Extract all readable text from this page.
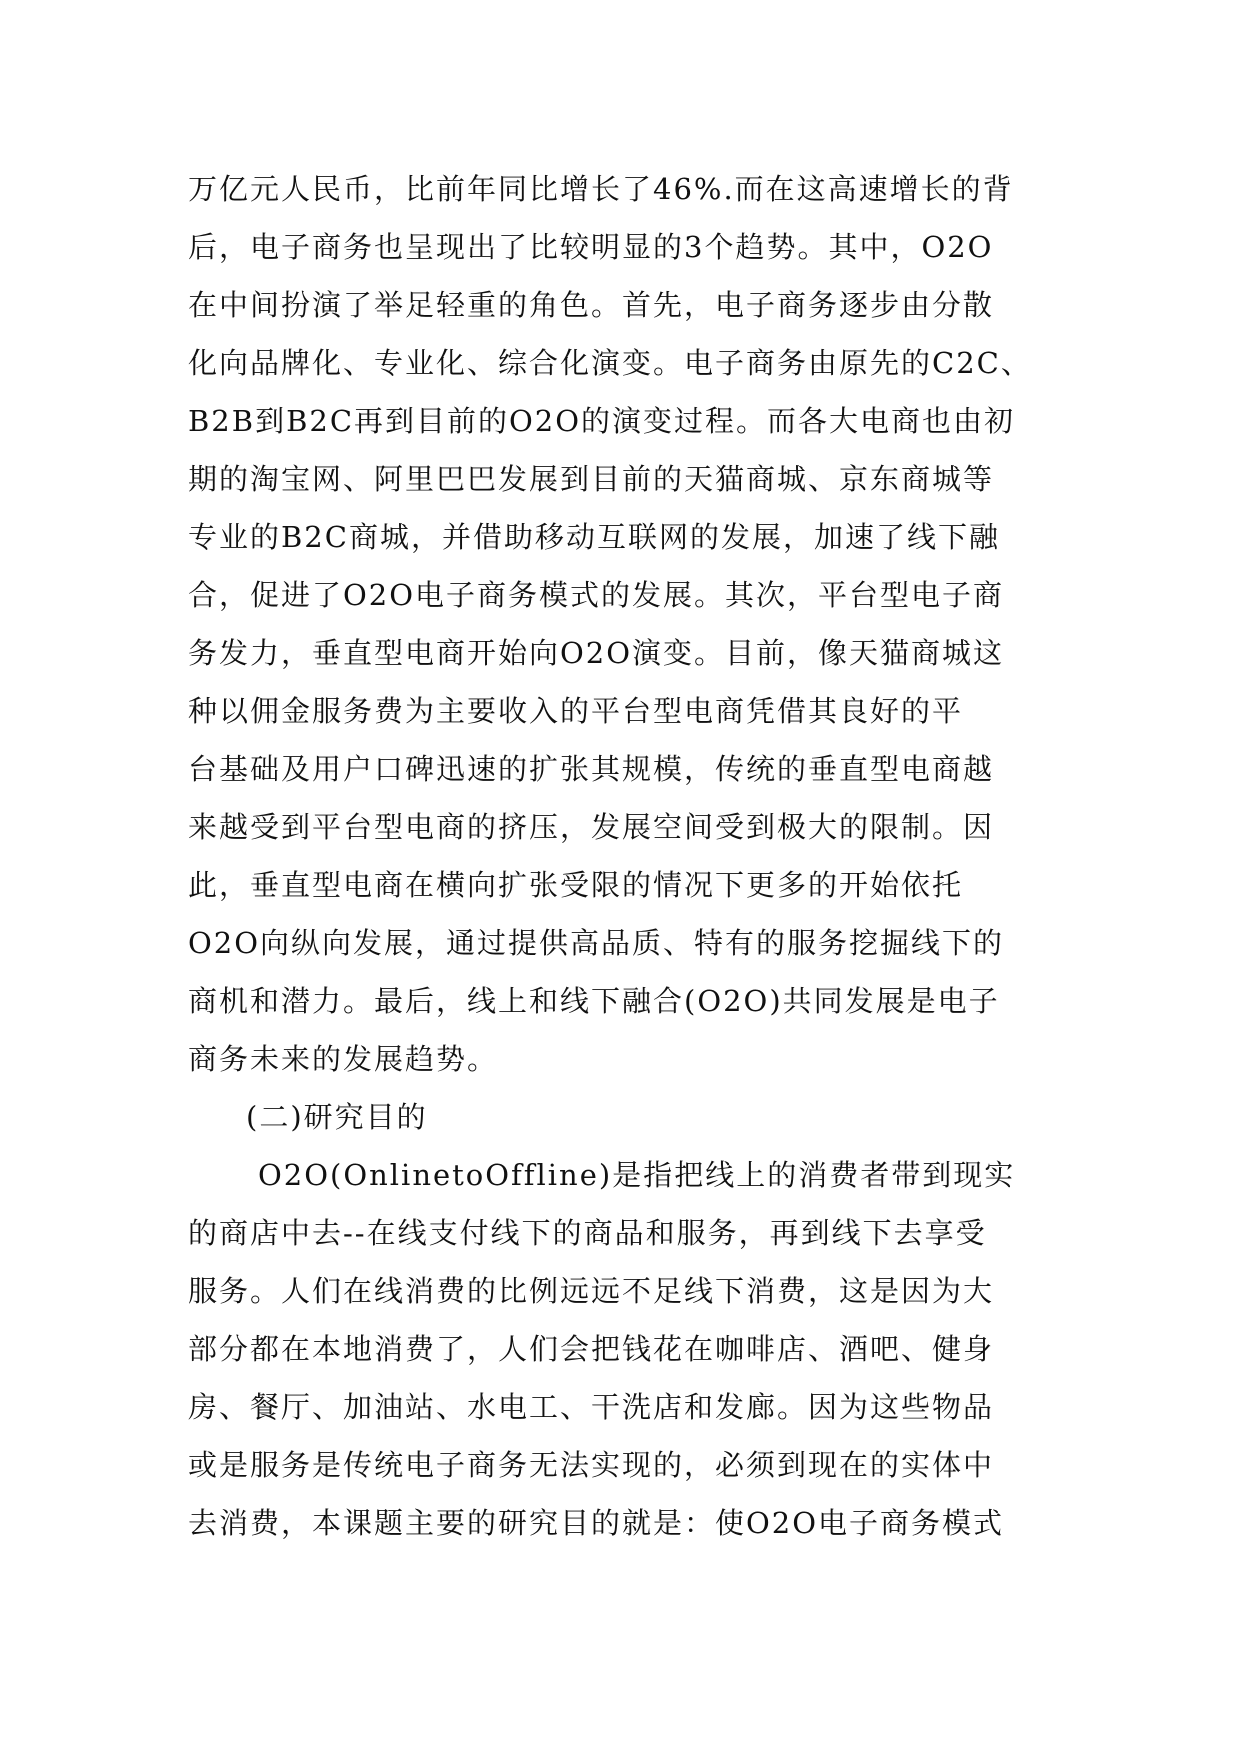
万亿元人民币，比前年同比增长了46%.而在这高速增长的背
后，电子商务也呈现出了比较明显的3个趋势。其中，O2O
在中间扮演了举足轻重的角色。首先，电子商务逐步由分散
化向品牌化、专业化、综合化演变。电子商务由原先的C2C、
B2B到B2C再到目前的O2O的演变过程。而各大电商也由初
期的淘宝网、阿里巴巴发展到目前的天猫商城、京东商城等
专业的B2C商城，并借助移动互联网的发展，加速了线下融
合，促进了O2O电子商务模式的发展。其次，平台型电子商
务发力，垂直型电商开始向O2O演变。目前，像天猫商城这
种以佣金服务费为主要收入的平台型电商凭借其良好的平
台基础及用户口碑迅速的扩张其规模，传统的垂直型电商越
来越受到平台型电商的挤压，发展空间受到极大的限制。因
此，垂直型电商在横向扩张受限的情况下更多的开始依托
O2O向纵向发展，通过提供高品质、特有的服务挖掘线下的
商机和潜力。最后，线上和线下融合(O2O)共同发展是电子
商务未来的发展趋势。
(二)研究目的
O2O(OnlinetoOffline)是指把线上的消费者带到现实
的商店中去--在线支付线下的商品和服务，再到线下去享受
服务。人们在线消费的比例远远不足线下消费，这是因为大
部分都在本地消费了，人们会把钱花在咖啡店、酒吧、健身
房、餐厅、加油站、水电工、干洗店和发廊。因为这些物品
或是服务是传统电子商务无法实现的，必须到现在的实体中
去消费，本课题主要的研究目的就是：使O2O电子商务模式
